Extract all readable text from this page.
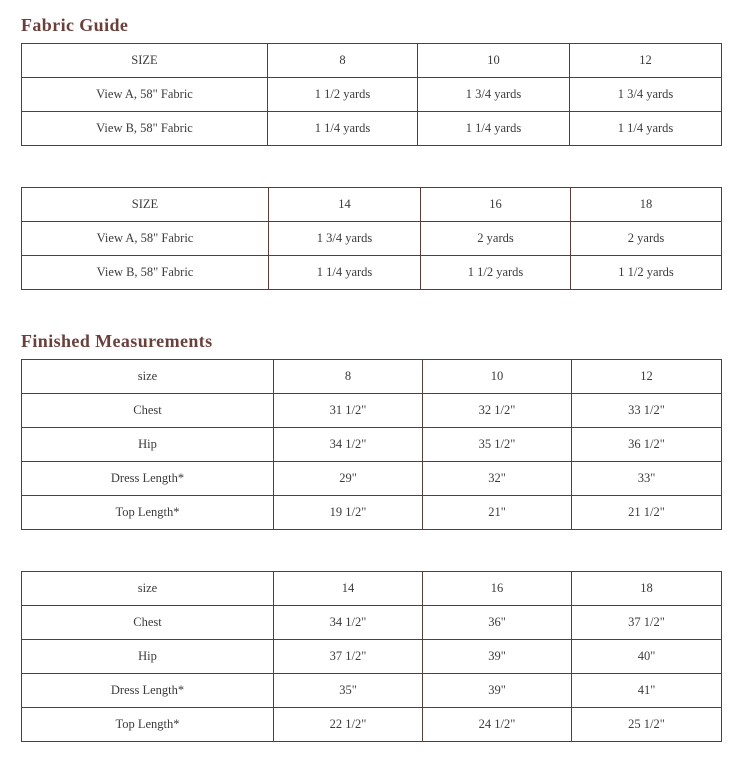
Fabric Guide
SIZE	8	10	12
View A, 58" Fabric	1 1/2 yards	1 3/4 yards	1 3/4 yards
View B, 58" Fabric	1 1/4 yards	1 1/4 yards	1 1/4 yards
SIZE	14	16	18
View A, 58" Fabric	1 3/4 yards	2 yards	2 yards
View B, 58" Fabric	1 1/4 yards	1 1/2 yards	1 1/2 yards
Finished Measurements
size	8	10	12
Chest	31 1/2"	32 1/2"	33 1/2"
Hip	34 1/2"	35 1/2"	36 1/2"
Dress Length*	29"	32"	33"
Top Length*	19 1/2"	21"	21 1/2"
size	14	16	18
Chest	34 1/2"	36"	37 1/2"
Hip	37 1/2"	39"	40"
Dress Length*	35"	39"	41"
Top Length*	22 1/2"	24 1/2"	25 1/2"
